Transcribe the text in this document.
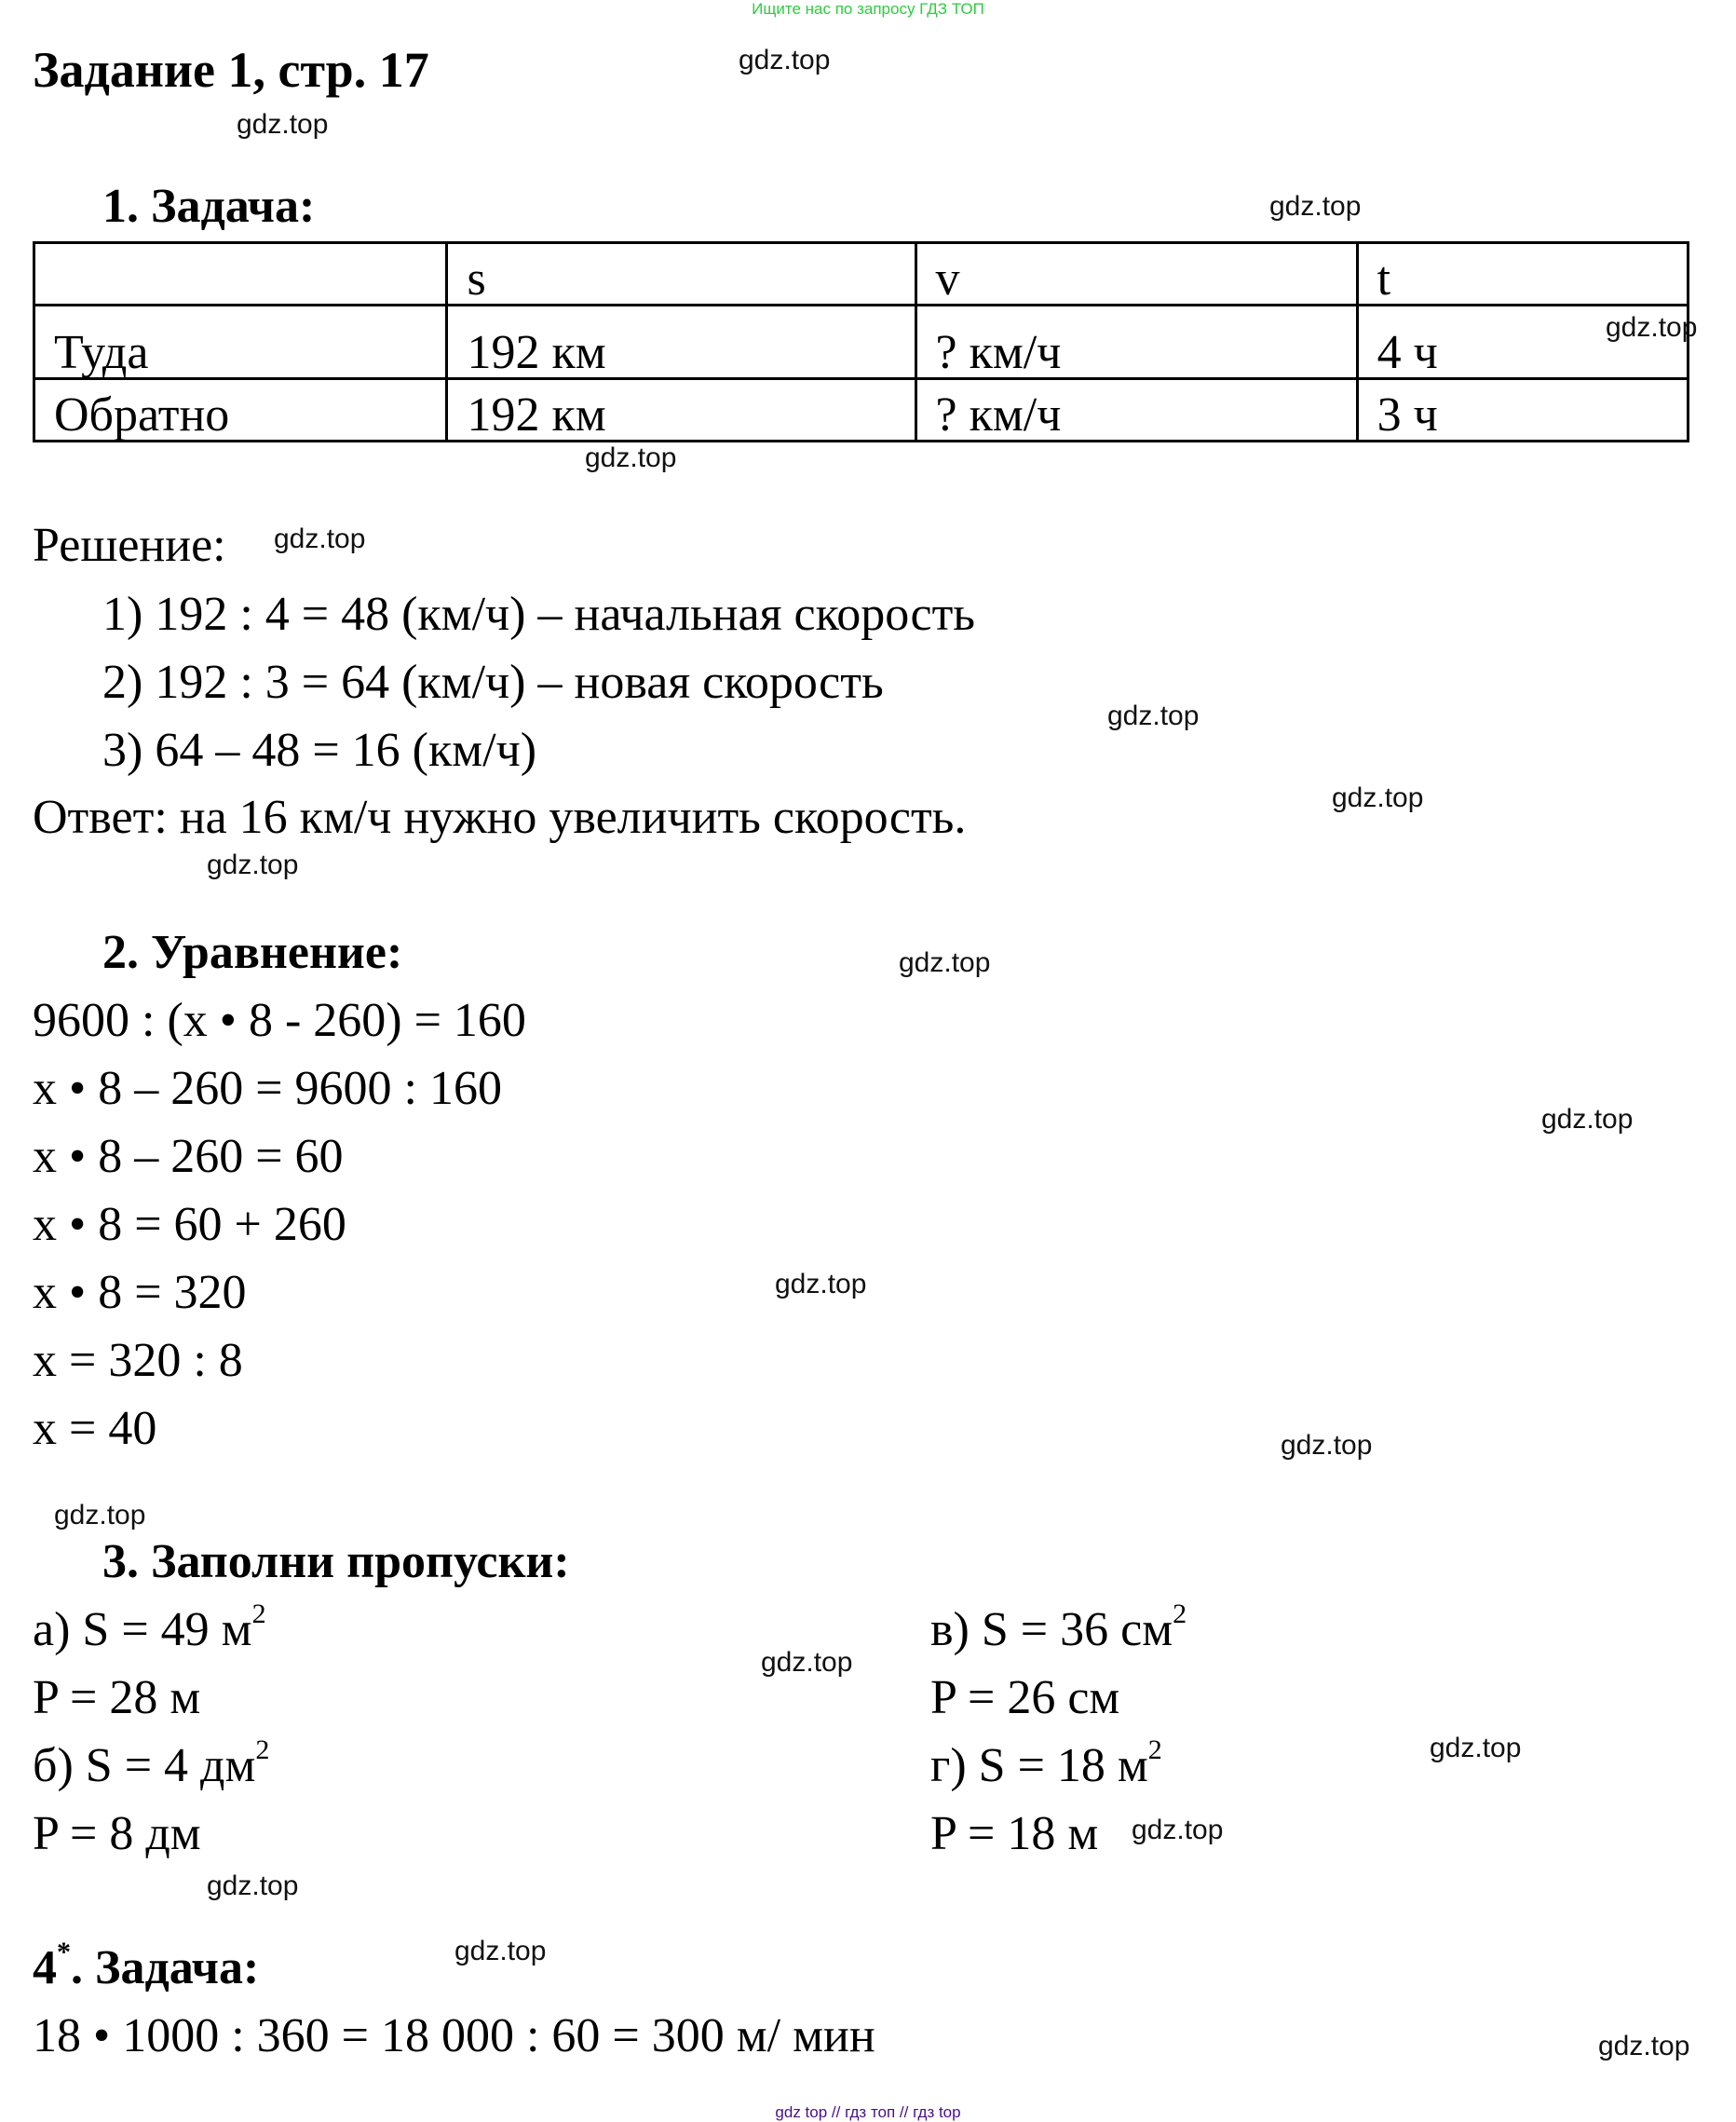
Ищите нас по запросу ГДЗ ТОП
Задание 1, стр. 17	gdz.top
gdz.top
gdz.top
gdz.top
gdz.top
gdz.top
gdz.top
gdz.top
gdz.top
gdz.top
gdz.top
gdz.top
gdz.top
gdz.top
gdz.top
gdz.top
gdz.top
gdz.top
gdz.top
gdz.top
1. Задача:
	s	v	t
Туда	192 км	? км/ч	4 ч
Обратно	192 км	? км/ч	3 ч
Решение:
1) 192 : 4 = 48 (км/ч) – начальная скорость
2) 192 : 3 = 64 (км/ч) – новая скорость
3) 64 – 48 = 16 (км/ч)
Ответ: на 16 км/ч нужно увеличить скорость.
2. Уравнение:
9600 : (x • 8 - 260) = 160
x • 8 – 260 = 9600 : 160
x • 8 – 260 = 60
x • 8 = 60 + 260
x • 8 = 320
x = 320 : 8
x = 40
3. Заполни пропуски:
а) S = 49 $м^2$
P = 28 м
б) S = 4 $дм^2$
P = 8 дм
в) S = 36 $см^2$
P = 26 см
г) S = 18 $м^2$
P = 18 м
4*. Задача:
18 • 1000 : 360 = 18 000 : 60 = 300 м/ мин
gdz top // гдз топ // гдз top
